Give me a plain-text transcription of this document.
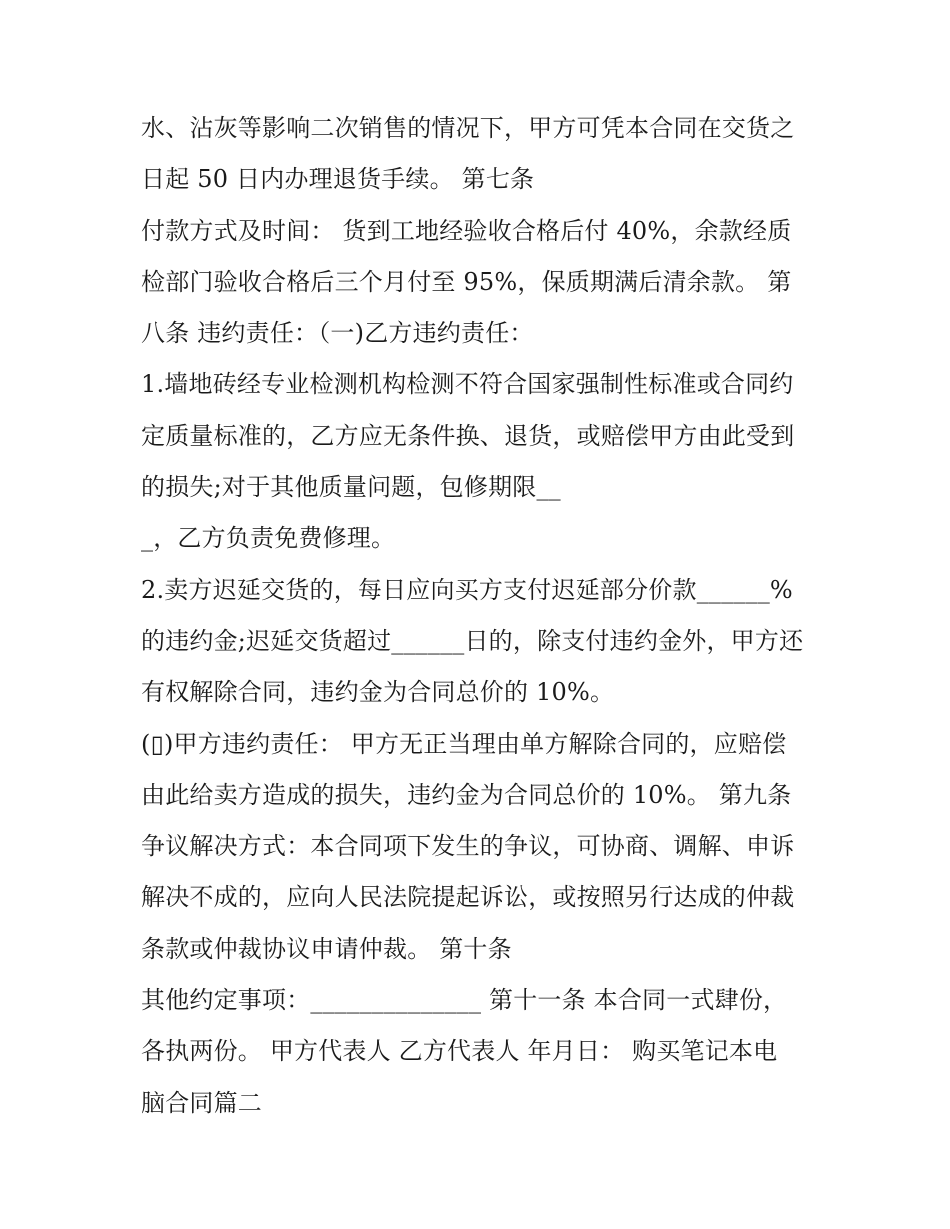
水、沾灰等影响二次销售的情况下，甲方可凭本合同在交货之
日起 50 日内办理退货手续。 第七条
付款方式及时间： 货到工地经验收合格后付 40%，余款经质
检部门验收合格后三个月付至 95%，保质期满后清余款。 第
八条 违约责任：（一)乙方违约责任：
1.墙地砖经专业检测机构检测不符合国家强制性标准或合同约
定质量标准的，乙方应无条件换、退货，或赔偿甲方由此受到
的损失;对于其他质量问题，包修期限__
_，乙方负责免费修理。
2.卖方迟延交货的，每日应向买方支付迟延部分价款______%
的违约金;迟延交货超过______日的，除支付违约金外，甲方还
有权解除合同，违约金为合同总价的 10%。
(▯)甲方违约责任： 甲方无正当理由单方解除合同的，应赔偿
由此给卖方造成的损失，违约金为合同总价的 10%。 第九条
争议解决方式：本合同项下发生的争议，可协商、调解、申诉
解决不成的，应向人民法院提起诉讼，或按照另行达成的仲裁
条款或仲裁协议申请仲裁。 第十条
其他约定事项：______________ 第十一条 本合同一式肆份，
各执两份。 甲方代表人 乙方代表人 年月日： 购买笔记本电
脑合同篇二
